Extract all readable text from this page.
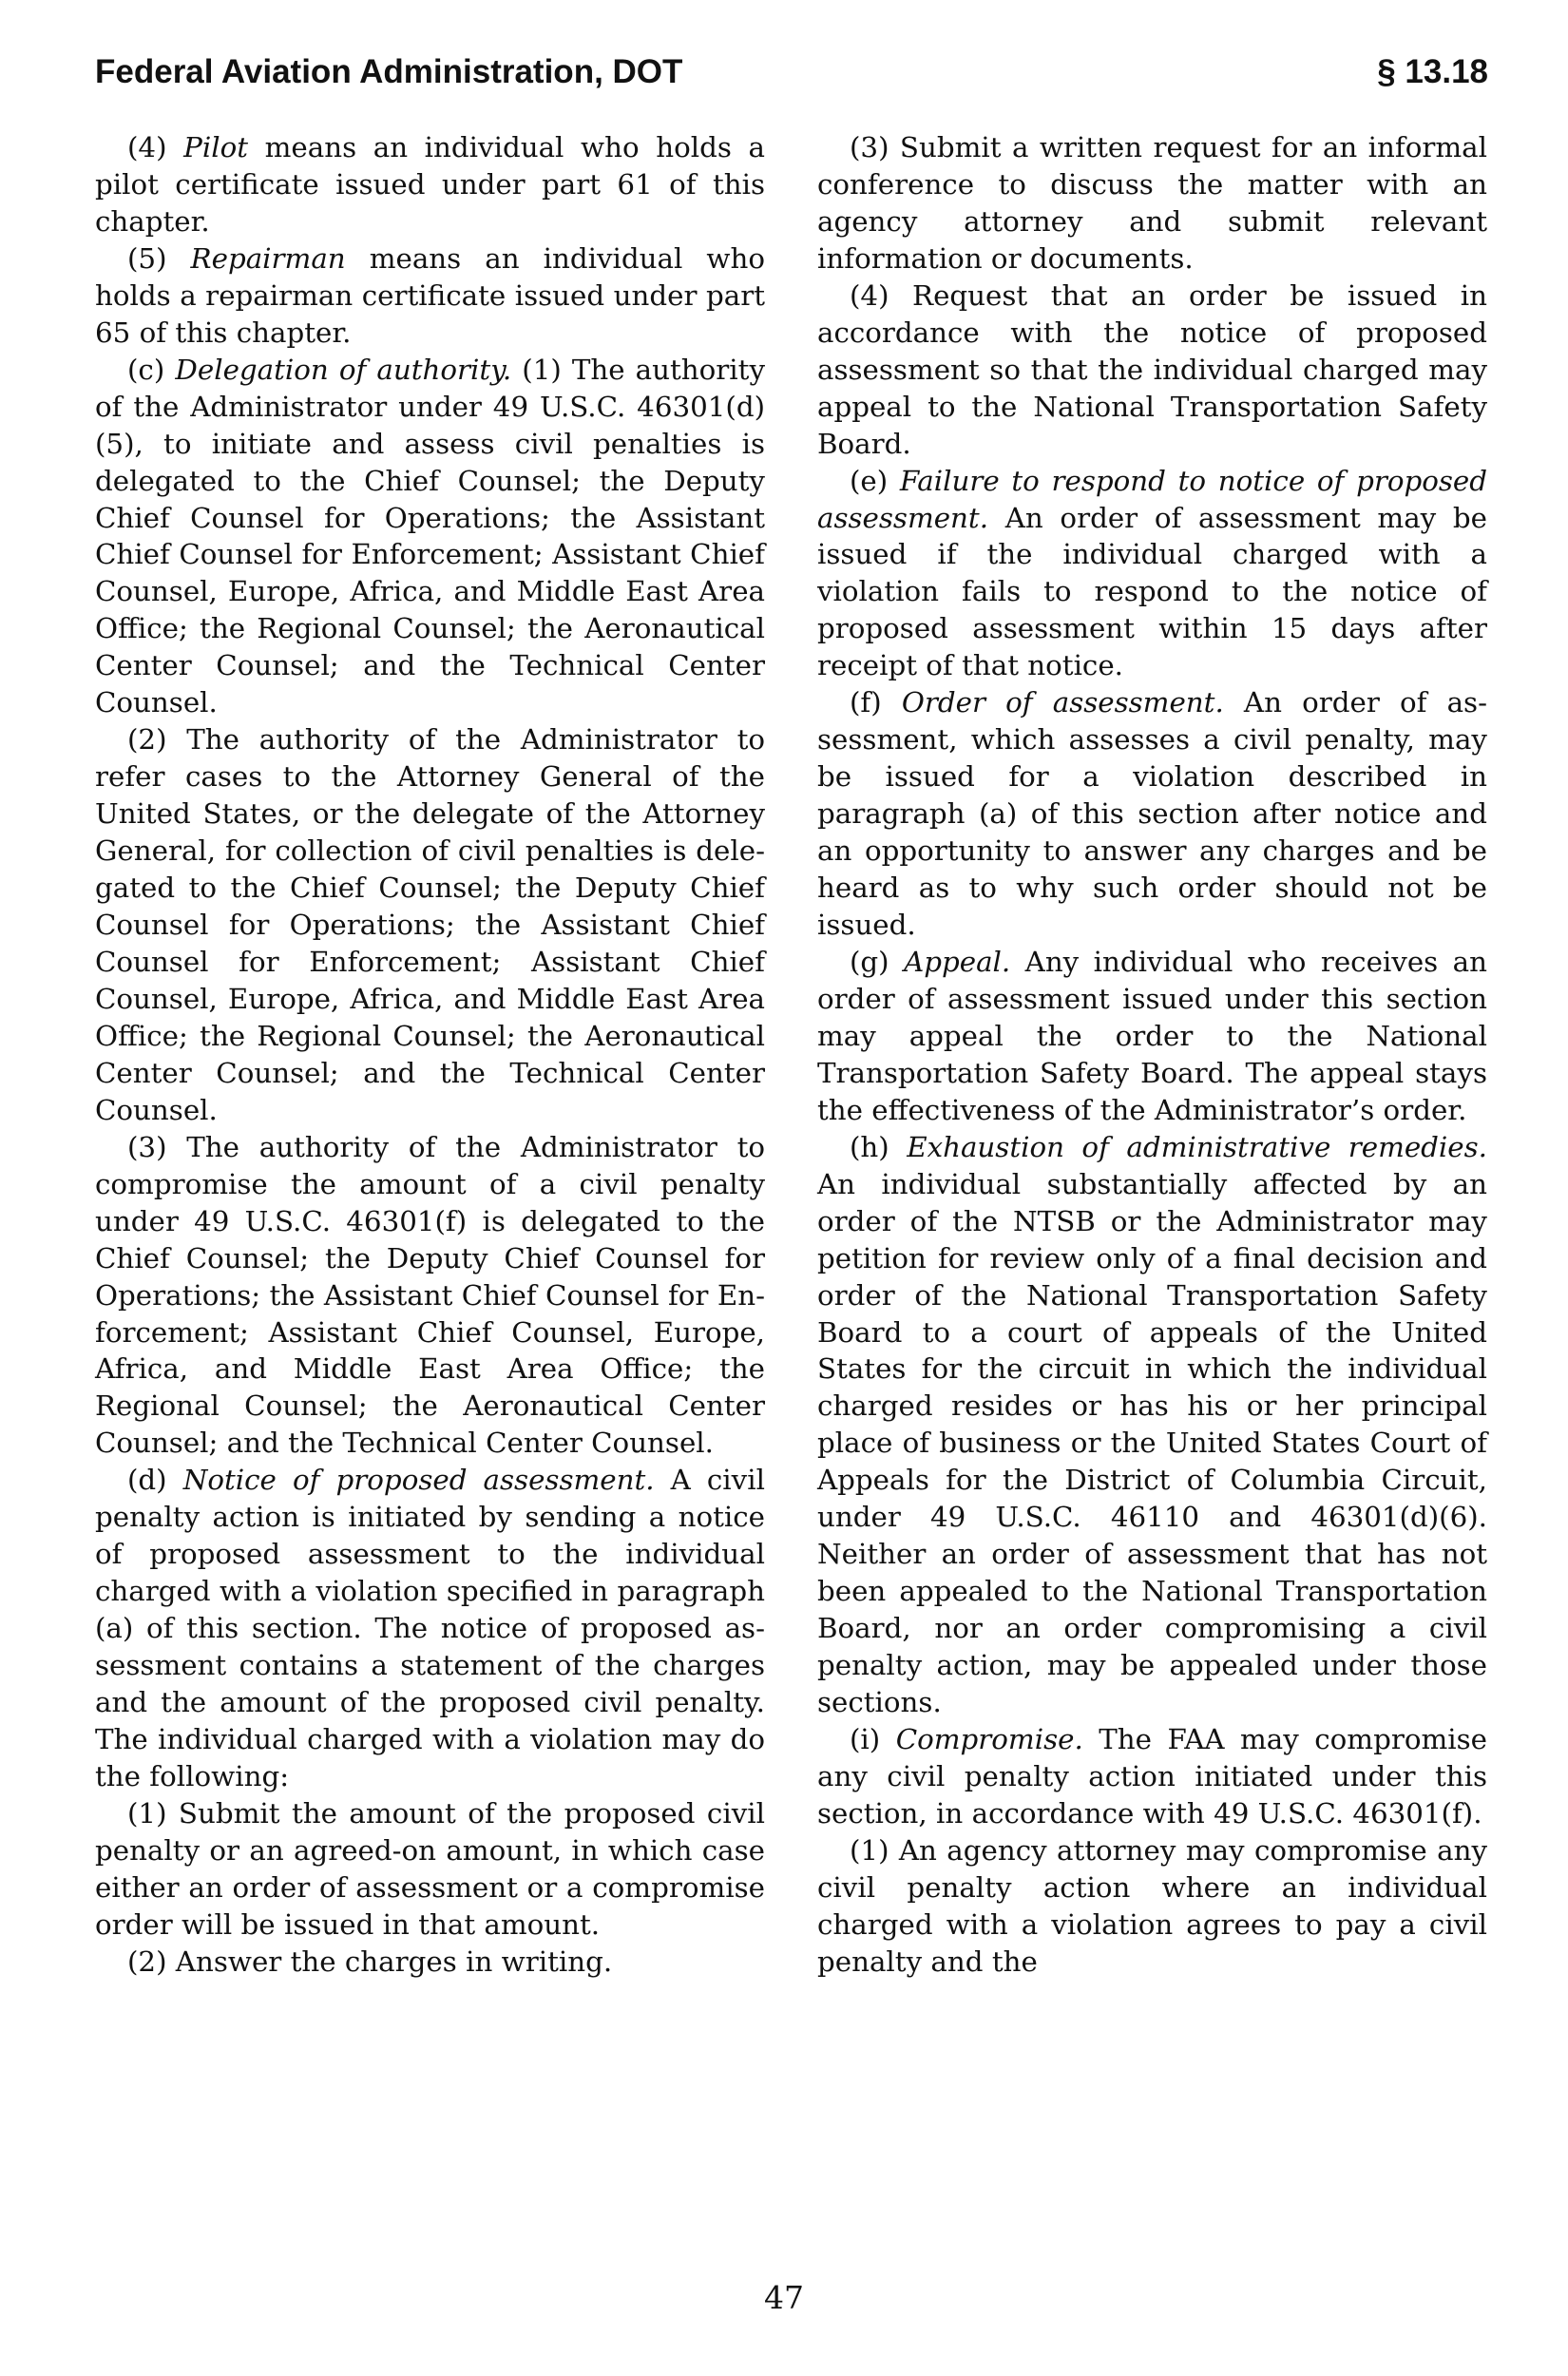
Federal Aviation Administration, DOT	§ 13.18

(4) Pilot means an individual who holds a pilot certificate issued under part 61 of this chapter.

(5) Repairman means an individual who holds a repairman certificate issued under part 65 of this chapter.

(c) Delegation of authority. (1) The authority of the Administrator under 49 U.S.C. 46301(d)(5), to initiate and assess civil penalties is delegated to the Chief Counsel; the Deputy Chief Counsel for Operations; the Assistant Chief Counsel for Enforcement; Assistant Chief Counsel, Europe, Africa, and Middle East Area Office; the Regional Counsel; the Aeronautical Center Counsel; and the Technical Center Counsel.

(2) The authority of the Administrator to refer cases to the Attorney General of the United States, or the delegate of the Attorney General, for collection of civil penalties is delegated to the Chief Counsel; the Deputy Chief Counsel for Operations; the Assistant Chief Counsel for Enforcement; Assistant Chief Counsel, Europe, Africa, and Middle East Area Office; the Regional Counsel; the Aeronautical Center Counsel; and the Technical Center Counsel.

(3) The authority of the Administrator to compromise the amount of a civil penalty under 49 U.S.C. 46301(f) is delegated to the Chief Counsel; the Deputy Chief Counsel for Operations; the Assistant Chief Counsel for Enforcement; Assistant Chief Counsel, Europe, Africa, and Middle East Area Office; the Regional Counsel; the Aeronautical Center Counsel; and the Technical Center Counsel.

(d) Notice of proposed assessment. A civil penalty action is initiated by sending a notice of proposed assessment to the individual charged with a violation specified in paragraph (a) of this section. The notice of proposed assessment contains a statement of the charges and the amount of the proposed civil penalty. The individual charged with a violation may do the following:

(1) Submit the amount of the proposed civil penalty or an agreed-on amount, in which case either an order of assessment or a compromise order will be issued in that amount.

(2) Answer the charges in writing.

(3) Submit a written request for an informal conference to discuss the matter with an agency attorney and submit relevant information or documents.

(4) Request that an order be issued in accordance with the notice of proposed assessment so that the individual charged may appeal to the National Transportation Safety Board.

(e) Failure to respond to notice of proposed assessment. An order of assessment may be issued if the individual charged with a violation fails to respond to the notice of proposed assessment within 15 days after receipt of that notice.

(f) Order of assessment. An order of assessment, which assesses a civil penalty, may be issued for a violation described in paragraph (a) of this section after notice and an opportunity to answer any charges and be heard as to why such order should not be issued.

(g) Appeal. Any individual who receives an order of assessment issued under this section may appeal the order to the National Transportation Safety Board. The appeal stays the effectiveness of the Administrator’s order.

(h) Exhaustion of administrative remedies. An individual substantially affected by an order of the NTSB or the Administrator may petition for review only of a final decision and order of the National Transportation Safety Board to a court of appeals of the United States for the circuit in which the individual charged resides or has his or her principal place of business or the United States Court of Appeals for the District of Columbia Circuit, under 49 U.S.C. 46110 and 46301(d)(6). Neither an order of assessment that has not been appealed to the National Transportation Board, nor an order compromising a civil penalty action, may be appealed under those sections.

(i) Compromise. The FAA may compromise any civil penalty action initiated under this section, in accordance with 49 U.S.C. 46301(f).

(1) An agency attorney may compromise any civil penalty action where an individual charged with a violation agrees to pay a civil penalty and the

47
